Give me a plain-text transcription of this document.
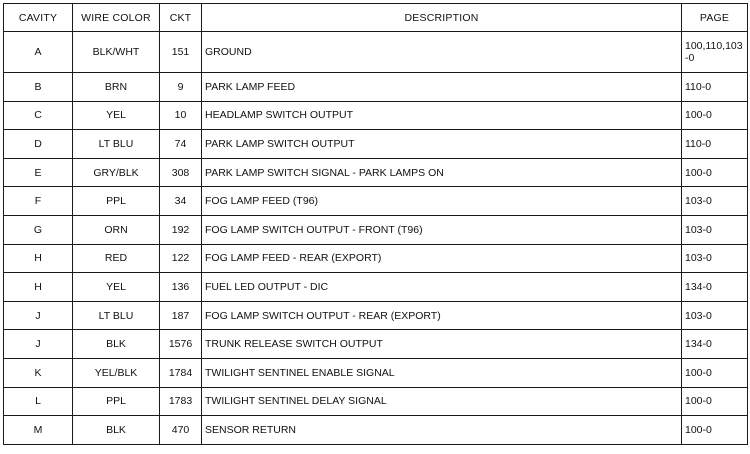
CAVITY	WIRE COLOR	CKT	DESCRIPTION	PAGE
A	BLK/WHT	151	GROUND	100,110,103-0
B	BRN	9	PARK LAMP FEED	110-0
C	YEL	10	HEADLAMP SWITCH OUTPUT	100-0
D	LT BLU	74	PARK LAMP SWITCH OUTPUT	110-0
E	GRY/BLK	308	PARK LAMP SWITCH SIGNAL - PARK LAMPS ON	100-0
F	PPL	34	FOG LAMP FEED (T96)	103-0
G	ORN	192	FOG LAMP SWITCH OUTPUT - FRONT (T96)	103-0
H	RED	122	FOG LAMP FEED - REAR (EXPORT)	103-0
H	YEL	136	FUEL LED OUTPUT - DIC	134-0
J	LT BLU	187	FOG LAMP SWITCH OUTPUT - REAR (EXPORT)	103-0
J	BLK	1576	TRUNK RELEASE SWITCH OUTPUT	134-0
K	YEL/BLK	1784	TWILIGHT SENTINEL ENABLE SIGNAL	100-0
L	PPL	1783	TWILIGHT SENTINEL DELAY SIGNAL	100-0
M	BLK	470	SENSOR RETURN	100-0
